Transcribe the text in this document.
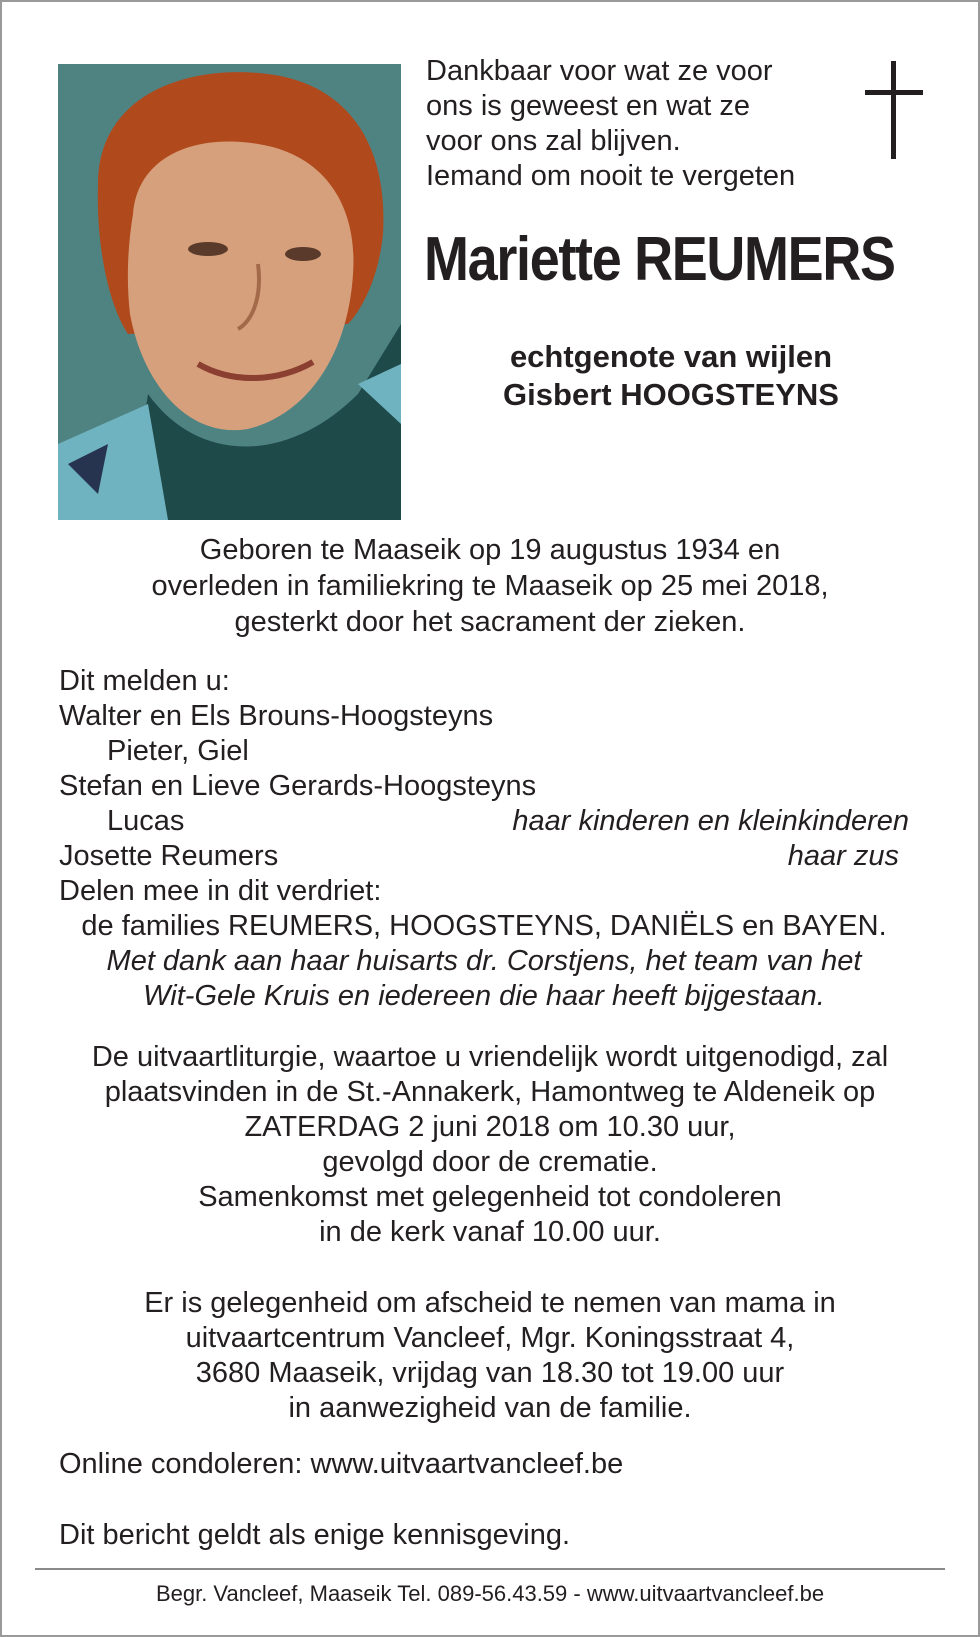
Dankbaar voor wat ze voor
ons is geweest en wat ze
voor ons zal blijven.
Iemand om nooit te vergeten
Mariette REUMERS
echtgenote van wijlen
Gisbert HOOGSTEYNS
Geboren te Maaseik op 19 augustus 1934 en
overleden in familiekring te Maaseik op 25 mei 2018,
gesterkt door het sacrament der zieken.
Dit melden u:
Walter en Els Brouns-Hoogsteyns
Pieter, Giel
Stefan en Lieve Gerards-Hoogsteyns
Lucas	haar kinderen en kleinkinderen
Josette Reumers	haar zus
Delen mee in dit verdriet:
de families REUMERS, HOOGSTEYNS, DANIËLS en BAYEN.
Met dank aan haar huisarts dr. Corstjens, het team van het
Wit-Gele Kruis en iedereen die haar heeft bijgestaan.
De uitvaartliturgie, waartoe u vriendelijk wordt uitgenodigd, zal
plaatsvinden in de St.-Annakerk, Hamontweg te Aldeneik op
ZATERDAG 2 juni 2018 om 10.30 uur,
gevolgd door de crematie.
Samenkomst met gelegenheid tot condoleren
in de kerk vanaf 10.00 uur.
Er is gelegenheid om afscheid te nemen van mama in
uitvaartcentrum Vancleef, Mgr. Koningsstraat 4,
3680 Maaseik, vrijdag van 18.30 tot 19.00 uur
in aanwezigheid van de familie.
Online condoleren: www.uitvaartvancleef.be
Dit bericht geldt als enige kennisgeving.
Begr. Vancleef, Maaseik Tel. 089-56.43.59 - www.uitvaartvancleef.be
